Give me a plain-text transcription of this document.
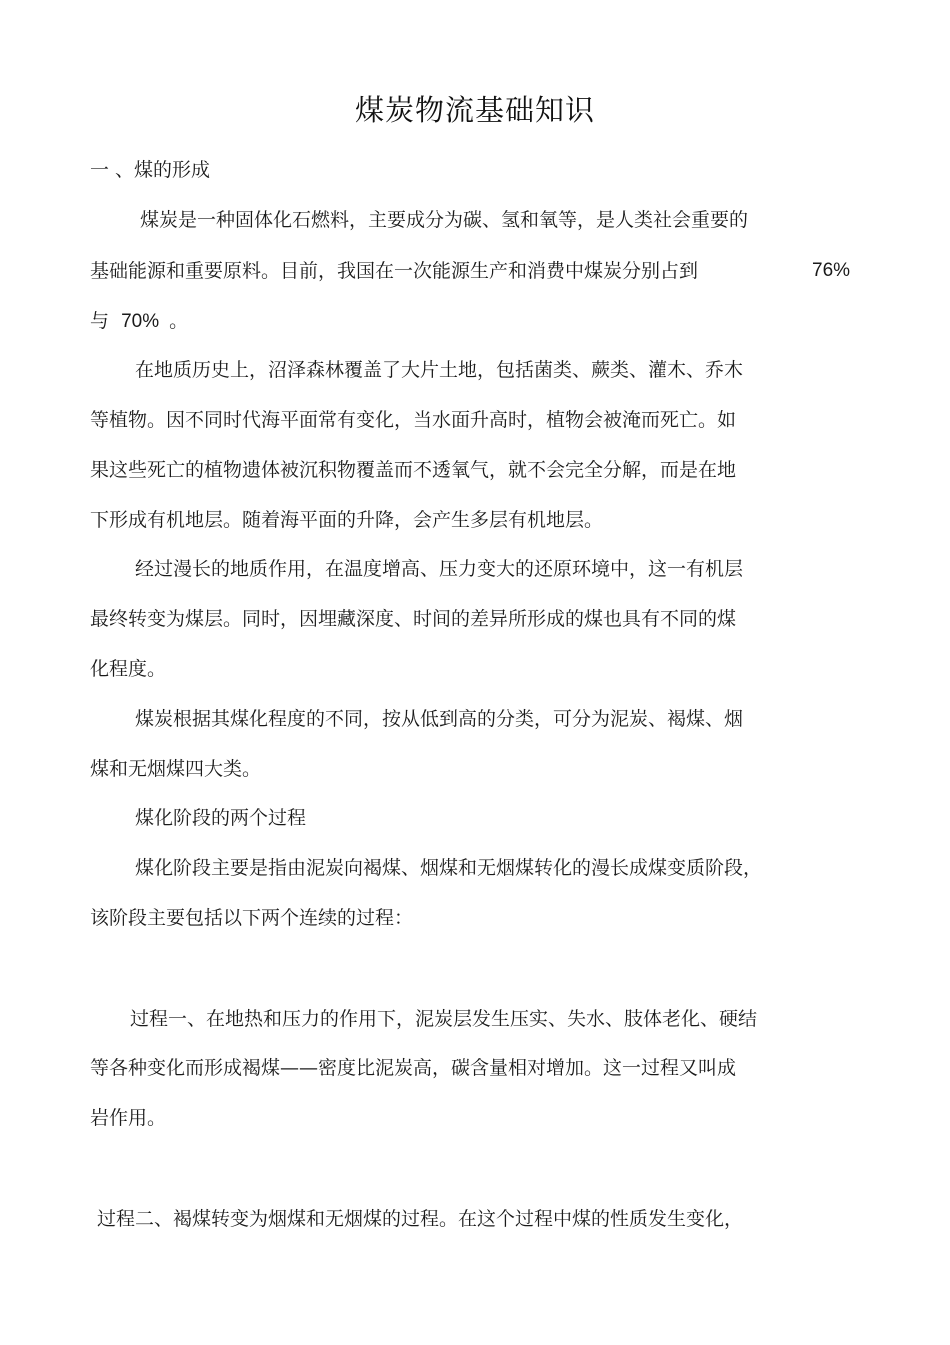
煤炭物流基础知识
一 、煤的形成
煤炭是一种固体化石燃料，主要成分为碳、氢和氧等，是人类社会重要的
基础能源和重要原料。目前，我国在一次能源生产和消费中煤炭分别占到	76%
与 70% 。
在地质历史上，沼泽森林覆盖了大片土地，包括菌类、蕨类、灌木、乔木
等植物。因不同时代海平面常有变化，当水面升高时，植物会被淹而死亡。如
果这些死亡的植物遗体被沉积物覆盖而不透氧气，就不会完全分解，而是在地
下形成有机地层。随着海平面的升降，会产生多层有机地层。
经过漫长的地质作用，在温度增高、压力变大的还原环境中，这一有机层
最终转变为煤层。同时，因埋藏深度、时间的差异所形成的煤也具有不同的煤
化程度。
煤炭根据其煤化程度的不同，按从低到高的分类，可分为泥炭、褐煤、烟
煤和无烟煤四大类。
煤化阶段的两个过程
煤化阶段主要是指由泥炭向褐煤、烟煤和无烟煤转化的漫长成煤变质阶段，
该阶段主要包括以下两个连续的过程：
过程一、在地热和压力的作用下，泥炭层发生压实、失水、肢体老化、硬结
等各种变化而形成褐煤——密度比泥炭高，碳含量相对增加。这一过程又叫成
岩作用。
过程二、褐煤转变为烟煤和无烟煤的过程。在这个过程中煤的性质发生变化，
